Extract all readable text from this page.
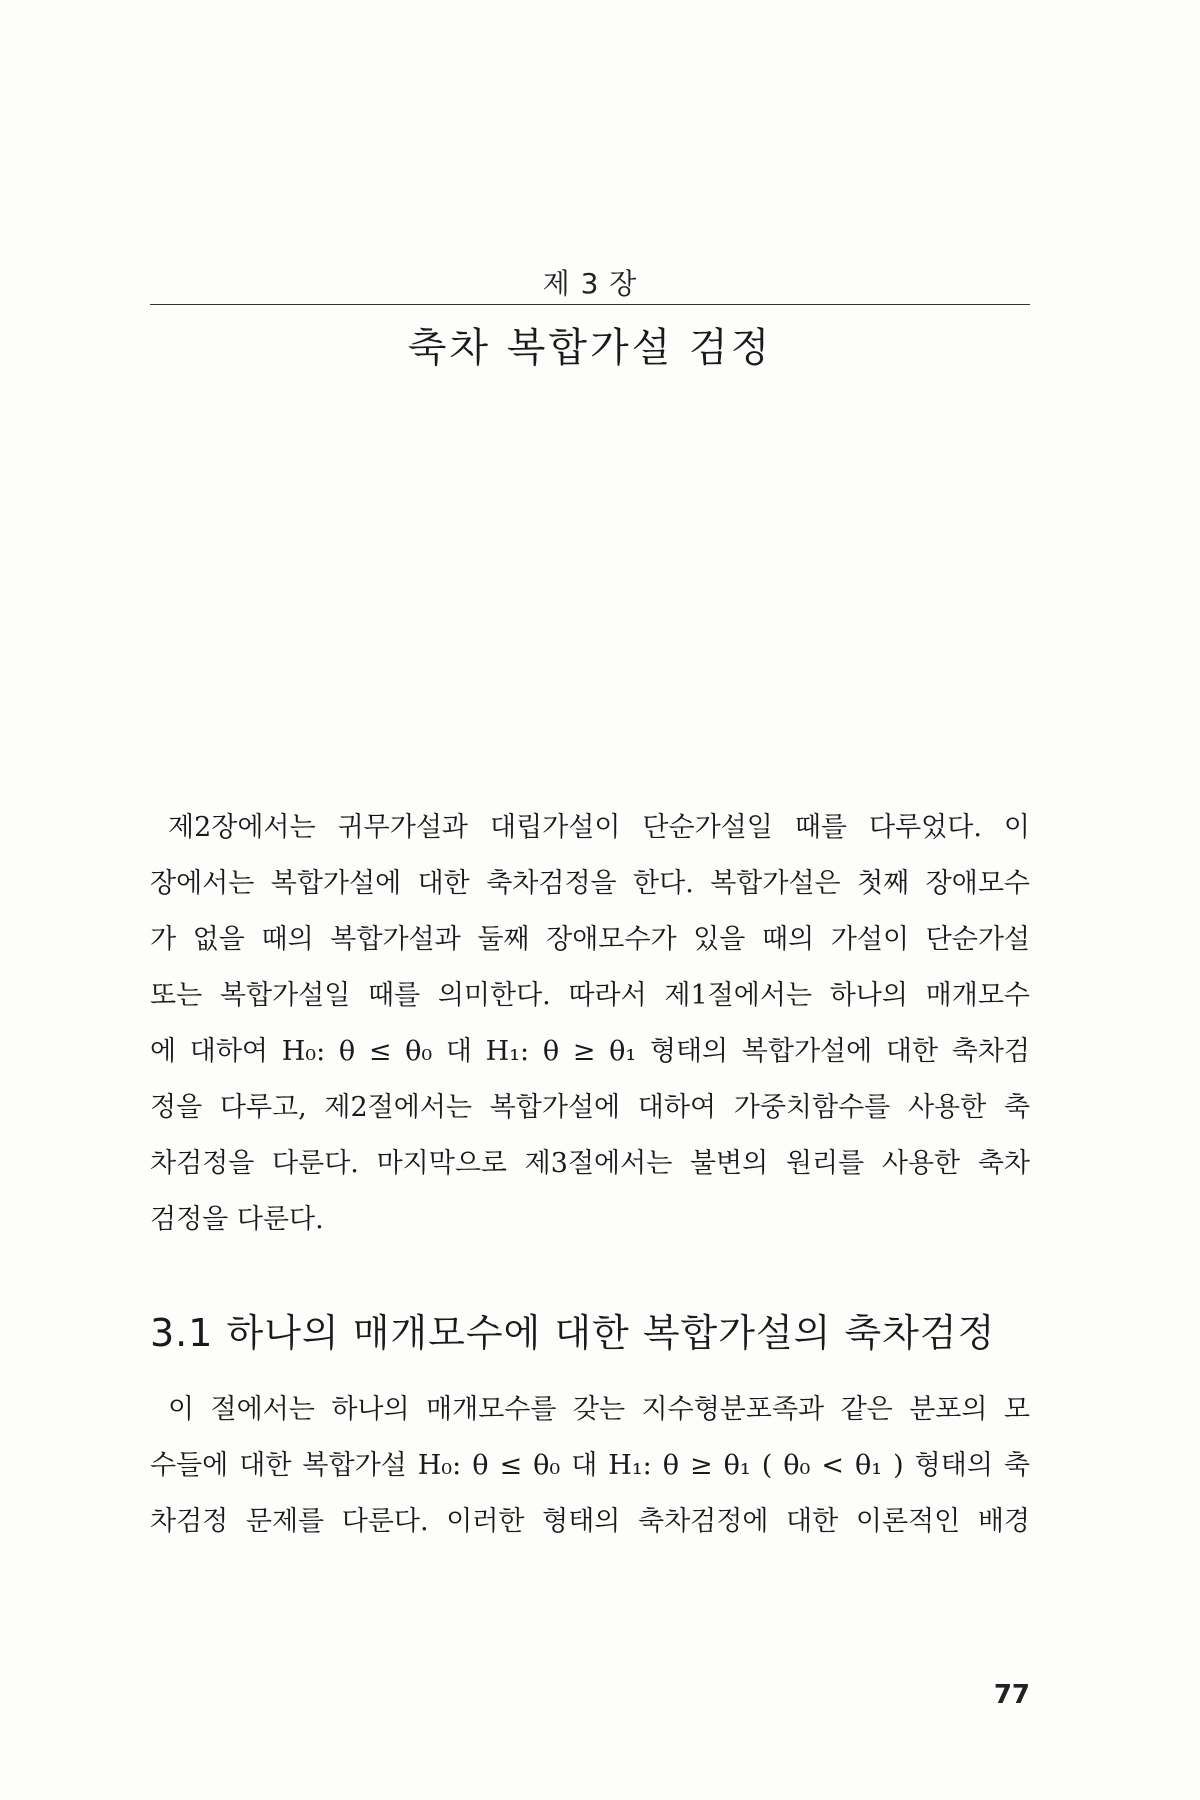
제 3 장
축차 복합가설 검정
제2장에서는 귀무가설과 대립가설이 단순가설일 때를 다루었다. 이
장에서는 복합가설에 대한 축차검정을 한다. 복합가설은 첫째 장애모수
가 없을 때의 복합가설과 둘째 장애모수가 있을 때의 가설이 단순가설
또는 복합가설일 때를 의미한다. 따라서 제1절에서는 하나의 매개모수
에 대하여 H₀: θ ≤ θ₀ 대 H₁: θ ≥ θ₁ 형태의 복합가설에 대한 축차검
정을 다루고, 제2절에서는 복합가설에 대하여 가중치함수를 사용한 축
차검정을 다룬다. 마지막으로 제3절에서는 불변의 원리를 사용한 축차
검정을 다룬다.
3.1 하나의 매개모수에 대한 복합가설의 축차검정
이 절에서는 하나의 매개모수를 갖는 지수형분포족과 같은 분포의 모
수들에 대한 복합가설 H₀: θ ≤ θ₀ 대 H₁: θ ≥ θ₁ ( θ₀ < θ₁ ) 형태의 축
차검정 문제를 다룬다. 이러한 형태의 축차검정에 대한 이론적인 배경
77
